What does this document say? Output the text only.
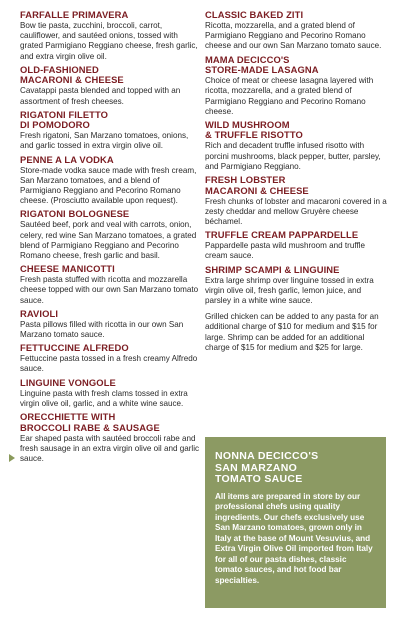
FARFALLE PRIMAVERA
Bow tie pasta, zucchini, broccoli, carrot, cauliflower, and sautéed onions, tossed with grated Parmigiano Reggiano cheese, fresh garlic, and extra virgin olive oil.
OLD-FASHIONED
MACARONI & CHEESE
Cavatappi pasta blended and topped with an assortment of fresh cheeses.
RIGATONI FILETTO
DI POMODORO
Fresh rigatoni, San Marzano tomatoes, onions, and garlic tossed in extra virgin olive oil.
PENNE A LA VODKA
Store-made vodka sauce made with fresh cream, San Marzano tomatoes, and a blend of Parmigiano Reggiano and Pecorino Romano cheese. (Prosciutto available upon request).
RIGATONI BOLOGNESE
Sautéed beef, pork and veal with carrots, onion, celery, red wine San Marzano tomatoes, a grated blend of Parmigiano Reggiano and Pecorino Romano cheese, fresh garlic and basil.
CHEESE MANICOTTI
Fresh pasta stuffed with ricotta and mozzarella cheese topped with our own San Marzano tomato sauce.
RAVIOLI
Pasta pillows filled with ricotta in our own San Marzano tomato sauce.
FETTUCCINE ALFREDO
Fettuccine pasta tossed in a fresh creamy Alfredo sauce.
LINGUINE VONGOLE
Linguine pasta with fresh clams tossed in extra virgin olive oil, garlic, and a white wine sauce.
ORECCHIETTE WITH
BROCCOLI RABE & SAUSAGE
Ear shaped pasta with sautéed broccoli rabe and fresh sausage in an extra virgin olive oil and garlic sauce.
CLASSIC BAKED ZITI
Ricotta, mozzarella, and a grated blend of Parmigiano Reggiano and Pecorino Romano cheese and our own San Marzano tomato sauce.
MAMA DECICCO'S
STORE-MADE LASAGNA
Choice of meat or cheese lasagna layered with ricotta, mozzarella, and a grated blend of Parmigiano Reggiano and Pecorino Romano cheese.
WILD MUSHROOM
& TRUFFLE RISOTTO
Rich and decadent truffle infused risotto with porcini mushrooms, black pepper, butter, parsley, and Parmigiano Reggiano.
FRESH LOBSTER
MACARONI & CHEESE
Fresh chunks of lobster and macaroni covered in a zesty cheddar and mellow Gruyère cheese béchamel.
TRUFFLE CREAM PAPPARDELLE
Pappardelle pasta wild mushroom and truffle cream sauce.
SHRIMP SCAMPI & LINGUINE
Extra large shrimp over linguine tossed in extra virgin olive oil, fresh garlic, lemon juice, and parsley in a white wine sauce.
Grilled chicken can be added to any pasta for an additional charge of $10 for medium and $15 for large. Shrimp can be added for an additional charge of $15 for medium and $25 for large.
NONNA DECICCO'S
SAN MARZANO
TOMATO SAUCE
All items are prepared in store by our professional chefs using quality ingredients. Our chefs exclusively use San Marzano tomatoes, grown only in Italy at the base of Mount Vesuvius, and Extra Virgin Olive Oil imported from Italy for all of our pasta dishes, classic tomato sauces, and hot food bar specialties.
